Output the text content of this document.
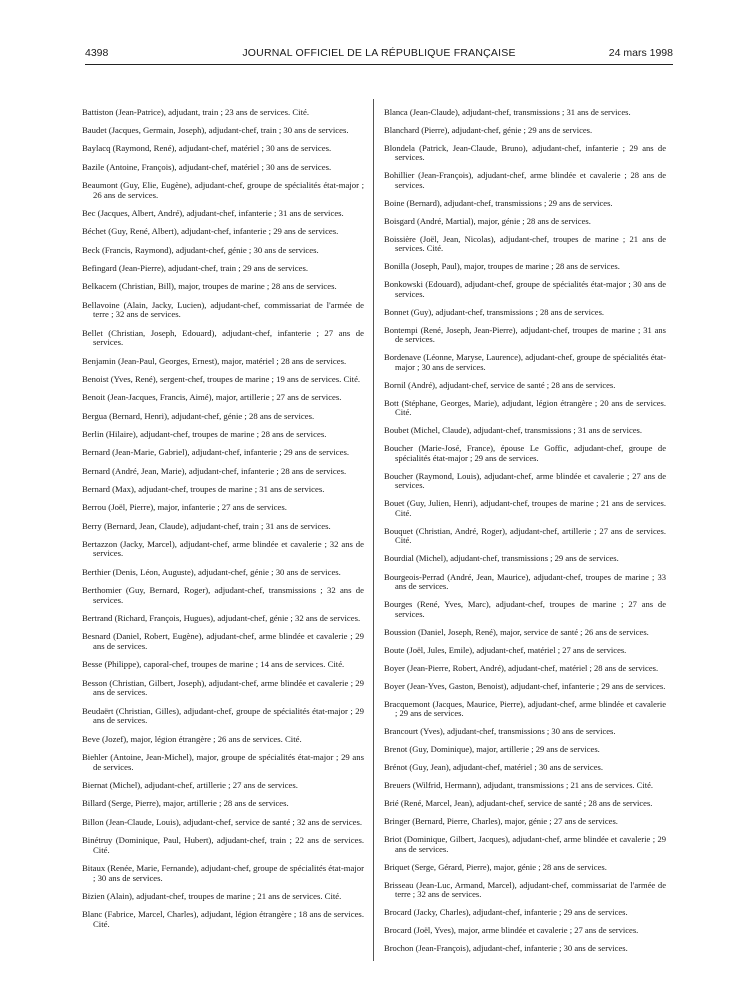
4398	JOURNAL OFFICIEL DE LA RÉPUBLIQUE FRANÇAISE	24 mars 1998

Battiston (Jean-Patrice), adjudant, train ; 23 ans de services. Cité.

Baudet (Jacques, Germain, Joseph), adjudant-chef, train ; 30 ans de services.

Baylacq (Raymond, René), adjudant-chef, matériel ; 30 ans de services.

Bazile (Antoine, François), adjudant-chef, matériel ; 30 ans de services.

Beaumont (Guy, Elie, Eugène), adjudant-chef, groupe de spécialités état-major ; 26 ans de services.

Bec (Jacques, Albert, André), adjudant-chef, infanterie ; 31 ans de services.

Béchet (Guy, René, Albert), adjudant-chef, infanterie ; 29 ans de services.

Beck (Francis, Raymond), adjudant-chef, génie ; 30 ans de services.

Befingard (Jean-Pierre), adjudant-chef, train ; 29 ans de services.

Belkacem (Christian, Bill), major, troupes de marine ; 28 ans de services.

Bellavoine (Alain, Jacky, Lucien), adjudant-chef, commissariat de l'armée de terre ; 32 ans de services.

Bellet (Christian, Joseph, Edouard), adjudant-chef, infanterie ; 27 ans de services.

Benjamin (Jean-Paul, Georges, Ernest), major, matériel ; 28 ans de services.

Benoist (Yves, René), sergent-chef, troupes de marine ; 19 ans de services. Cité.

Benoit (Jean-Jacques, Francis, Aimé), major, artillerie ; 27 ans de services.

Bergua (Bernard, Henri), adjudant-chef, génie ; 28 ans de services.

Berlin (Hilaire), adjudant-chef, troupes de marine ; 28 ans de services.

Bernard (Jean-Marie, Gabriel), adjudant-chef, infanterie ; 29 ans de services.

Bernard (André, Jean, Marie), adjudant-chef, infanterie ; 28 ans de services.

Bernard (Max), adjudant-chef, troupes de marine ; 31 ans de services.

Berrou (Joël, Pierre), major, infanterie ; 27 ans de services.

Berry (Bernard, Jean, Claude), adjudant-chef, train ; 31 ans de services.

Bertazzon (Jacky, Marcel), adjudant-chef, arme blindée et cavalerie ; 32 ans de services.

Berthier (Denis, Léon, Auguste), adjudant-chef, génie ; 30 ans de services.

Berthomier (Guy, Bernard, Roger), adjudant-chef, transmissions ; 32 ans de services.

Bertrand (Richard, François, Hugues), adjudant-chef, génie ; 32 ans de services.

Besnard (Daniel, Robert, Eugène), adjudant-chef, arme blindée et cavalerie ; 29 ans de services.

Besse (Philippe), caporal-chef, troupes de marine ; 14 ans de services. Cité.

Besson (Christian, Gilbert, Joseph), adjudant-chef, arme blindée et cavalerie ; 29 ans de services.

Beudaërt (Christian, Gilles), adjudant-chef, groupe de spécialités état-major ; 29 ans de services.

Beve (Jozef), major, légion étrangère ; 26 ans de services. Cité.

Biehler (Antoine, Jean-Michel), major, groupe de spécialités état-major ; 29 ans de services.

Biernat (Michel), adjudant-chef, artillerie ; 27 ans de services.

Billard (Serge, Pierre), major, artillerie ; 28 ans de services.

Billon (Jean-Claude, Louis), adjudant-chef, service de santé ; 32 ans de services.

Binétruy (Dominique, Paul, Hubert), adjudant-chef, train ; 22 ans de services. Cité.

Bitaux (Renée, Marie, Fernande), adjudant-chef, groupe de spécialités état-major ; 30 ans de services.

Bizien (Alain), adjudant-chef, troupes de marine ; 21 ans de services. Cité.

Blanc (Fabrice, Marcel, Charles), adjudant, légion étrangère ; 18 ans de services. Cité.

Blanca (Jean-Claude), adjudant-chef, transmissions ; 31 ans de services.

Blanchard (Pierre), adjudant-chef, génie ; 29 ans de services.

Blondela (Patrick, Jean-Claude, Bruno), adjudant-chef, infanterie ; 29 ans de services.

Bohillier (Jean-François), adjudant-chef, arme blindée et cavalerie ; 28 ans de services.

Boine (Bernard), adjudant-chef, transmissions ; 29 ans de services.

Boisgard (André, Martial), major, génie ; 28 ans de services.

Boissière (Joël, Jean, Nicolas), adjudant-chef, troupes de marine ; 21 ans de services. Cité.

Bonilla (Joseph, Paul), major, troupes de marine ; 28 ans de services.

Bonkowski (Edouard), adjudant-chef, groupe de spécialités état-major ; 30 ans de services.

Bonnet (Guy), adjudant-chef, transmissions ; 28 ans de services.

Bontempi (René, Joseph, Jean-Pierre), adjudant-chef, troupes de marine ; 31 ans de services.

Bordenave (Léonne, Maryse, Laurence), adjudant-chef, groupe de spécialités état-major ; 30 ans de services.

Bornil (André), adjudant-chef, service de santé ; 28 ans de services.

Bott (Stéphane, Georges, Marie), adjudant, légion étrangère ; 20 ans de services. Cité.

Boubet (Michel, Claude), adjudant-chef, transmissions ; 31 ans de services.

Boucher (Marie-José, France), épouse Le Goffic, adjudant-chef, groupe de spécialités état-major ; 29 ans de services.

Boucher (Raymond, Louis), adjudant-chef, arme blindée et cavalerie ; 27 ans de services.

Bouet (Guy, Julien, Henri), adjudant-chef, troupes de marine ; 21 ans de services. Cité.

Bouquet (Christian, André, Roger), adjudant-chef, artillerie ; 27 ans de services. Cité.

Bourdial (Michel), adjudant-chef, transmissions ; 29 ans de services.

Bourgeois-Perrad (André, Jean, Maurice), adjudant-chef, troupes de marine ; 33 ans de services.

Bourges (René, Yves, Marc), adjudant-chef, troupes de marine ; 27 ans de services.

Boussion (Daniel, Joseph, René), major, service de santé ; 26 ans de services.

Boute (Joël, Jules, Emile), adjudant-chef, matériel ; 27 ans de services.

Boyer (Jean-Pierre, Robert, André), adjudant-chef, matériel ; 28 ans de services.

Boyer (Jean-Yves, Gaston, Benoist), adjudant-chef, infanterie ; 29 ans de services.

Bracquemont (Jacques, Maurice, Pierre), adjudant-chef, arme blindée et cavalerie ; 29 ans de services.

Brancourt (Yves), adjudant-chef, transmissions ; 30 ans de services.

Brenot (Guy, Dominique), major, artillerie ; 29 ans de services.

Brénot (Guy, Jean), adjudant-chef, matériel ; 30 ans de services.

Breuers (Wilfrid, Hermann), adjudant, transmissions ; 21 ans de services. Cité.

Brié (René, Marcel, Jean), adjudant-chef, service de santé ; 28 ans de services.

Bringer (Bernard, Pierre, Charles), major, génie ; 27 ans de services.

Briot (Dominique, Gilbert, Jacques), adjudant-chef, arme blindée et cavalerie ; 29 ans de services.

Briquet (Serge, Gérard, Pierre), major, génie ; 28 ans de services.

Brisseau (Jean-Luc, Armand, Marcel), adjudant-chef, commissariat de l'armée de terre ; 32 ans de services.

Brocard (Jacky, Charles), adjudant-chef, infanterie ; 29 ans de services.

Brocard (Joël, Yves), major, arme blindée et cavalerie ; 27 ans de services.

Brochon (Jean-François), adjudant-chef, infanterie ; 30 ans de services.
